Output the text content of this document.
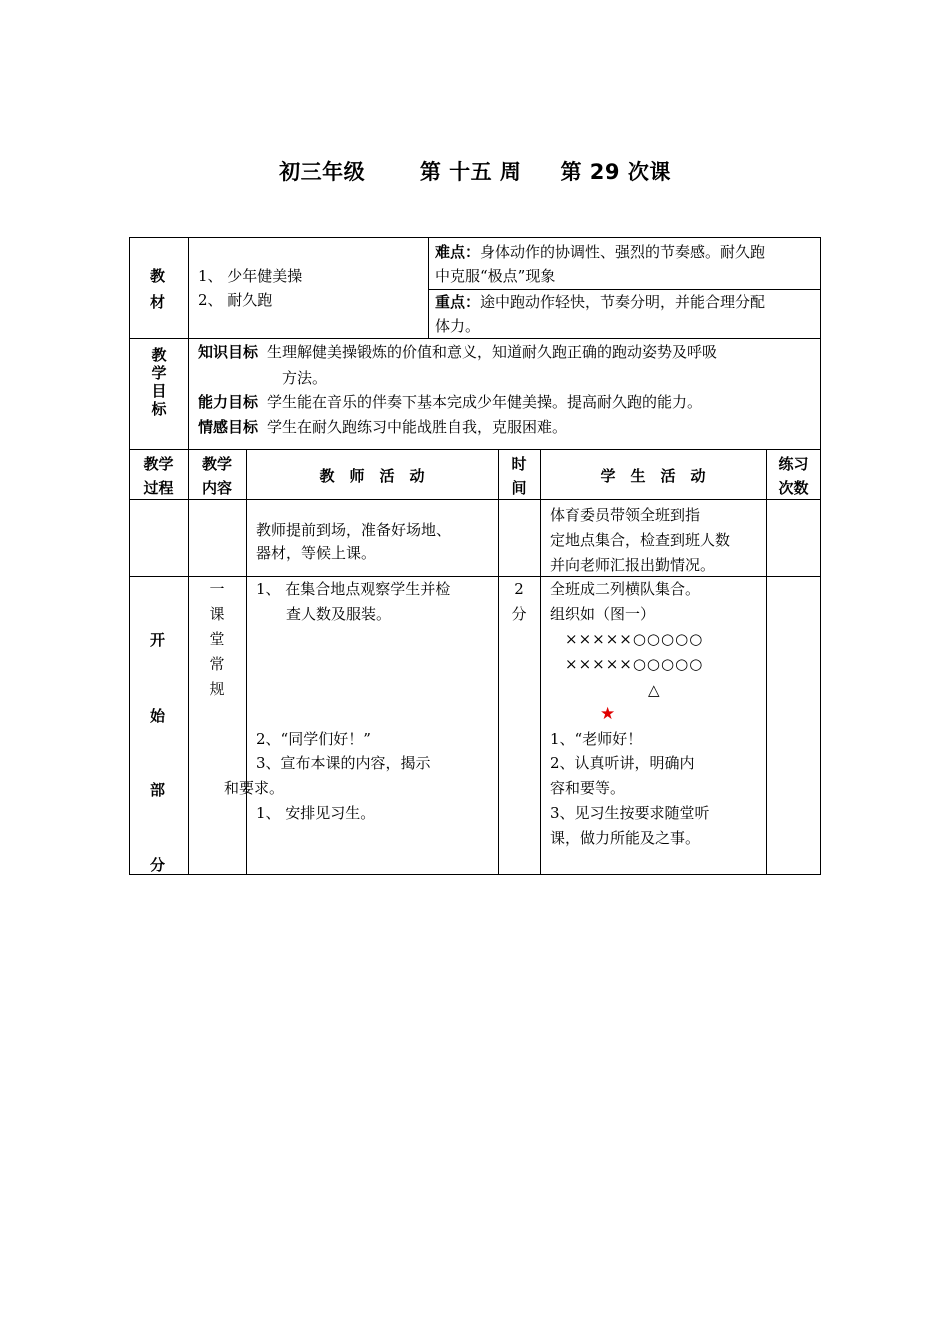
初三年级	第 十五 周 第 29 次课
教
材
1、 少年健美操
2、 耐久跑
难点：身体动作的协调性、强烈的节奏感。耐久跑
中克服“极点”现象
重点：途中跑动作轻快，节奏分明，并能合理分配
体力。
教
学
目
标
知识目标 生理解健美操锻炼的价值和意义，知道耐久跑正确的跑动姿势及呼吸
方法。
能力目标 学生能在音乐的伴奏下基本完成少年健美操。提高耐久跑的能力。
情感目标 学生在耐久跑练习中能战胜自我，克服困难。
教学
过程
教学
内容
教　师　活　动
时
间
学　生　活　动
练习
次数
教师提前到场，准备好场地、
器材，等候上课。
体育委员带领全班到指
定地点集合，检查到班人数
并向老师汇报出勤情况。
开
始
部
分
一
课
堂
常
规
1、 在集合地点观察学生并检
查人数及服装。
2、“同学们好！”
3、宣布本课的内容，揭示
和要求。
1、 安排见习生。
2
分
全班成二列横队集合。
组织如（图一）
×××××○○○○○
×××××○○○○○
△
★
1、“老师好！
2、认真听讲，明确内
容和要等。
3、见习生按要求随堂听
课，做力所能及之事。
